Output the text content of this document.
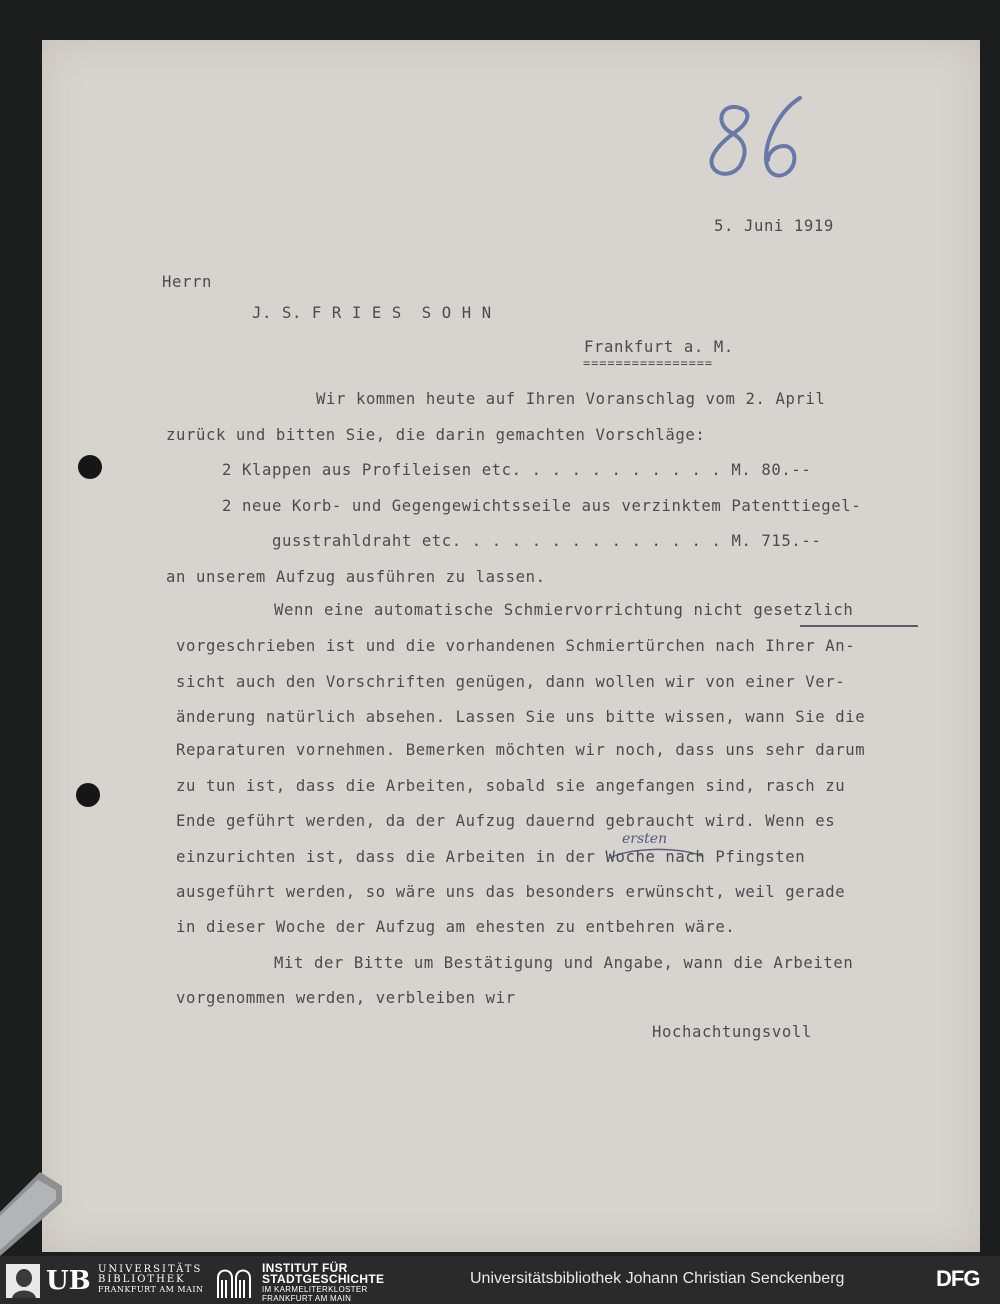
5. Juni 1919

Herrn

J. S. F R I E S  S O H N

Frankfurt a. M.

================

Wir kommen heute auf Ihren Voranschlag vom 2. April

zurück und bitten Sie, die darin gemachten Vorschläge:

2 Klappen aus Profileisen etc. . . . . . . . . . . M. 80.--

2 neue Korb- und Gegengewichtsseile aus verzinktem Patenttiegel-

gusstrahldraht etc. . . . . . . . . . . . . . M. 715.--

an unserem Aufzug ausführen zu lassen.

Wenn eine automatische Schmiervorrichtung nicht gesetzlich

vorgeschrieben ist und die vorhandenen Schmiertürchen nach Ihrer An-

sicht auch den Vorschriften genügen, dann wollen wir von einer Ver-

änderung natürlich absehen. Lassen Sie uns bitte wissen, wann Sie die

Reparaturen vornehmen. Bemerken möchten wir noch, dass uns sehr darum

zu tun ist, dass die Arbeiten, sobald sie angefangen sind, rasch zu

Ende geführt werden, da der Aufzug dauernd gebraucht wird. Wenn es

ersten

einzurichten ist, dass die Arbeiten in der Woche nach Pfingsten

ausgeführt werden, so wäre uns das besonders erwünscht, weil gerade

in dieser Woche der Aufzug am ehesten zu entbehren wäre.

Mit der Bitte um Bestätigung und Angabe, wann die Arbeiten

vorgenommen werden, verbleiben wir

Hochachtungsvoll

UB UNIVERSITÄTS
BIBLIOTHEK
FRANKFURT AM MAIN
INSTITUT FÜR
STADTGESCHICHTE
IM KARMELITERKLOSTER
FRANKFURT AM MAIN
Universitätsbibliothek Johann Christian Senckenberg	DFG
